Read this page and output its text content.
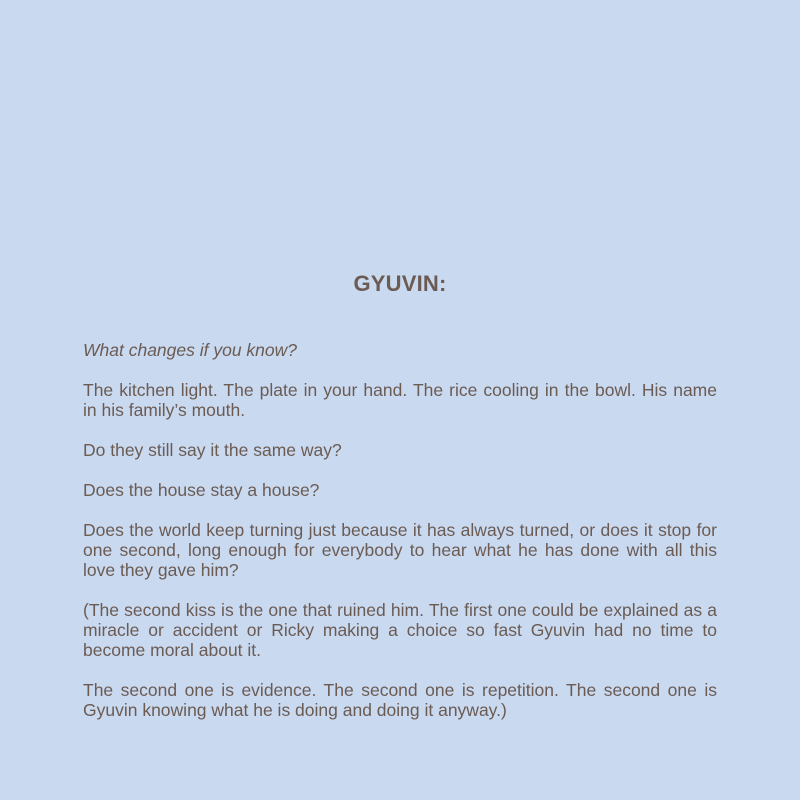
GYUVIN:

What changes if you know?

The kitchen light. The plate in your hand. The rice cooling in the bowl. His name in his family’s mouth.

Do they still say it the same way?

Does the house stay a house?

Does the world keep turning just because it has always turned, or does it stop for one second, long enough for everybody to hear what he has done with all this love they gave him?

(The second kiss is the one that ruined him. The first one could be explained as a miracle or accident or Ricky making a choice so fast Gyuvin had no time to become moral about it.

The second one is evidence. The second one is repetition. The second one is Gyuvin knowing what he is doing and doing it anyway.)
